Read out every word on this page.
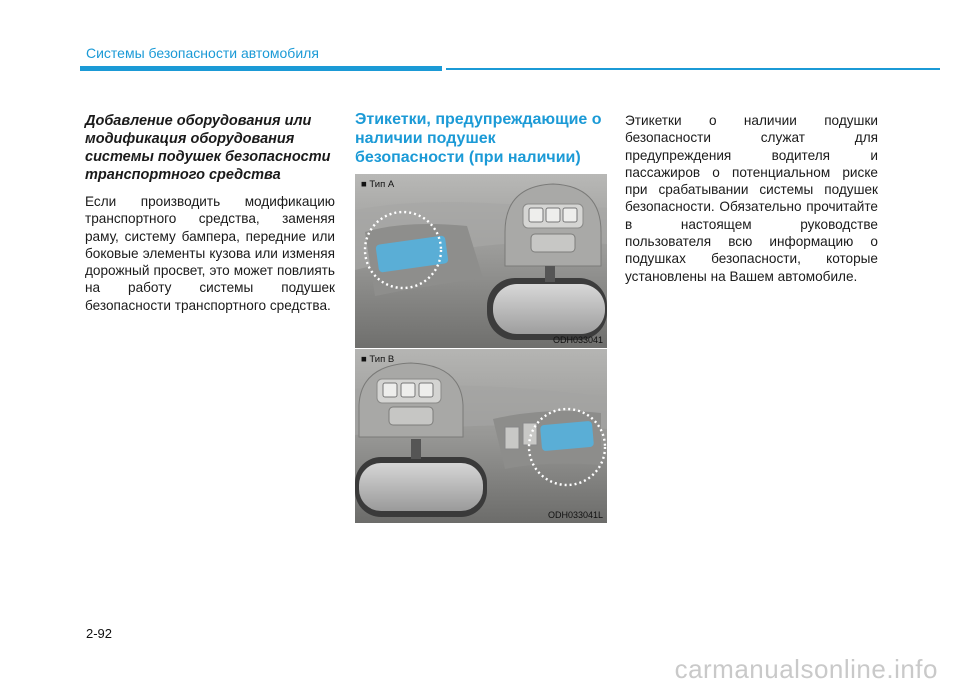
Системы безопасности автомобиля

Добавление оборудования или модификация оборудования системы подушек безопасности транспортного средства

Если производить модификацию транспортного средства, заменяя раму, систему бампера, передние или боковые элементы кузова или изменяя дорожный просвет, это может повлиять на работу системы подушек безопасности транспортного средства.

Этикетки, предупреждающие о наличии подушек безопасности (при наличии)

■ Тип A
ODH033041
■ Тип B
ODH033041L

Этикетки о наличии подушки безопасности служат для предупреждения водителя и пассажиров о потенциальном риске при срабатывании системы подушек безопасности. Обязательно прочитайте в настоящем руководстве пользователя всю информацию о подушках безопасности, которые установлены на Вашем автомобиле.

2-92
carmanualsonline.info
